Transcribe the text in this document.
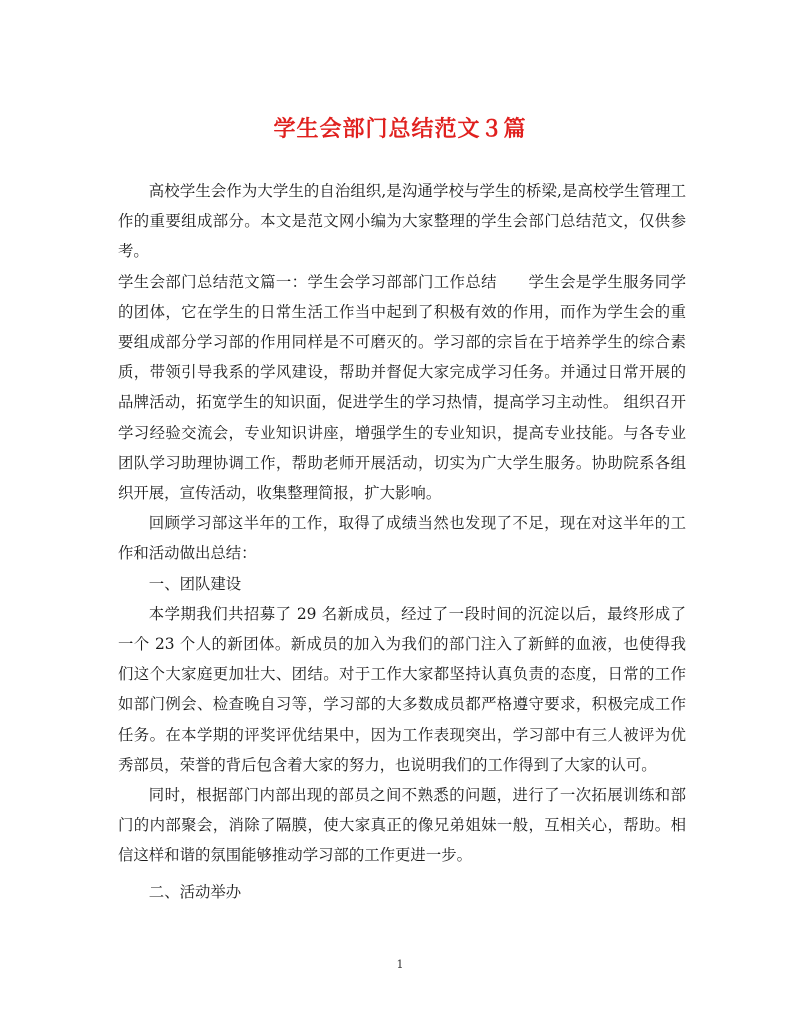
学生会部门总结范文３篇

高校学生会作为大学生的自治组织,是沟通学校与学生的桥梁,是高校学生管理工作的重要组成部分。本文是范文网小编为大家整理的学生会部门总结范文，仅供参考。

学生会部门总结范文篇一：学生会学习部部门工作总结　　学生会是学生服务同学的团体，它在学生的日常生活工作当中起到了积极有效的作用，而作为学生会的重要组成部分学习部的作用同样是不可磨灭的。学习部的宗旨在于培养学生的综合素质，带领引导我系的学风建设，帮助并督促大家完成学习任务。并通过日常开展的品牌活动，拓宽学生的知识面，促进学生的学习热情，提高学习主动性。 组织召开学习经验交流会，专业知识讲座，增强学生的专业知识，提高专业技能。与各专业团队学习助理协调工作，帮助老师开展活动，切实为广大学生服务。协助院系各组织开展，宣传活动，收集整理简报，扩大影响。

回顾学习部这半年的工作，取得了成绩当然也发现了不足，现在对这半年的工作和活动做出总结：

一、团队建设

本学期我们共招募了 29 名新成员，经过了一段时间的沉淀以后，最终形成了一个 23 个人的新团体。新成员的加入为我们的部门注入了新鲜的血液，也使得我们这个大家庭更加壮大、团结。对于工作大家都坚持认真负责的态度，日常的工作如部门例会、检查晚自习等，学习部的大多数成员都严格遵守要求，积极完成工作任务。在本学期的评奖评优结果中，因为工作表现突出，学习部中有三人被评为优秀部员，荣誉的背后包含着大家的努力，也说明我们的工作得到了大家的认可。

同时，根据部门内部出现的部员之间不熟悉的问题，进行了一次拓展训练和部门的内部聚会，消除了隔膜，使大家真正的像兄弟姐妹一般，互相关心，帮助。相信这样和谐的氛围能够推动学习部的工作更进一步。

二、活动举办

1
